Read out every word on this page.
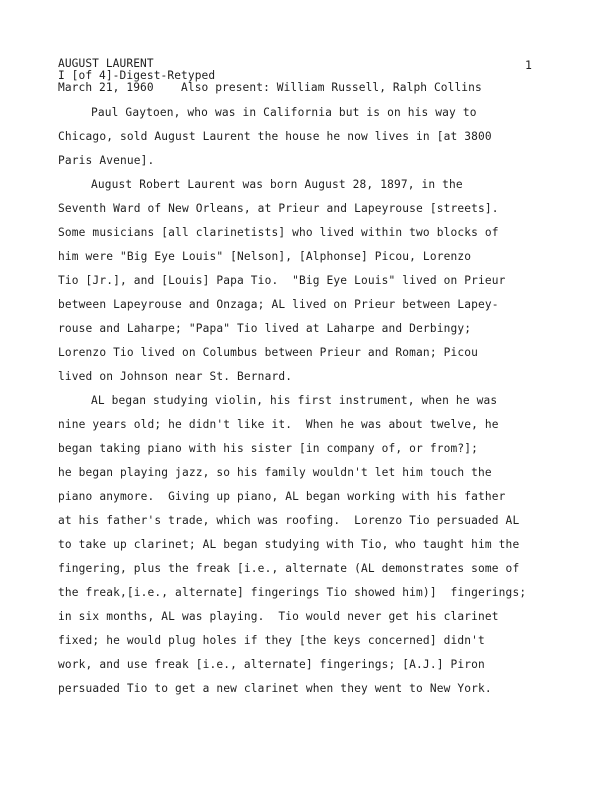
AUGUST LAURENT
I [of 4]-Digest-Retyped
March 21, 1960    Also present: William Russell, Ralph Collins
1
Paul Gaytoen, who was in California but is on his way to
Chicago, sold August Laurent the house he now lives in [at 3800
Paris Avenue].
August Robert Laurent was born August 28, 1897, in the
Seventh Ward of New Orleans, at Prieur and Lapeyrouse [streets].
Some musicians [all clarinetists] who lived within two blocks of
him were "Big Eye Louis" [Nelson], [Alphonse] Picou, Lorenzo
Tio [Jr.], and [Louis] Papa Tio.  "Big Eye Louis" lived on Prieur
between Lapeyrouse and Onzaga; AL lived on Prieur between Lapey-
rouse and Laharpe; "Papa" Tio lived at Laharpe and Derbingy;
Lorenzo Tio lived on Columbus between Prieur and Roman; Picou
lived on Johnson near St. Bernard.
AL began studying violin, his first instrument, when he was
nine years old; he didn't like it.  When he was about twelve, he
began taking piano with his sister [in company of, or from?];
he began playing jazz, so his family wouldn't let him touch the
piano anymore.  Giving up piano, AL began working with his father
at his father's trade, which was roofing.  Lorenzo Tio persuaded AL
to take up clarinet; AL began studying with Tio, who taught him the
fingering, plus the freak [i.e., alternate (AL demonstrates some of
the freak,[i.e., alternate] fingerings Tio showed him)]  fingerings;
in six months, AL was playing.  Tio would never get his clarinet
fixed; he would plug holes if they [the keys concerned] didn't
work, and use freak [i.e., alternate] fingerings; [A.J.] Piron
persuaded Tio to get a new clarinet when they went to New York.
